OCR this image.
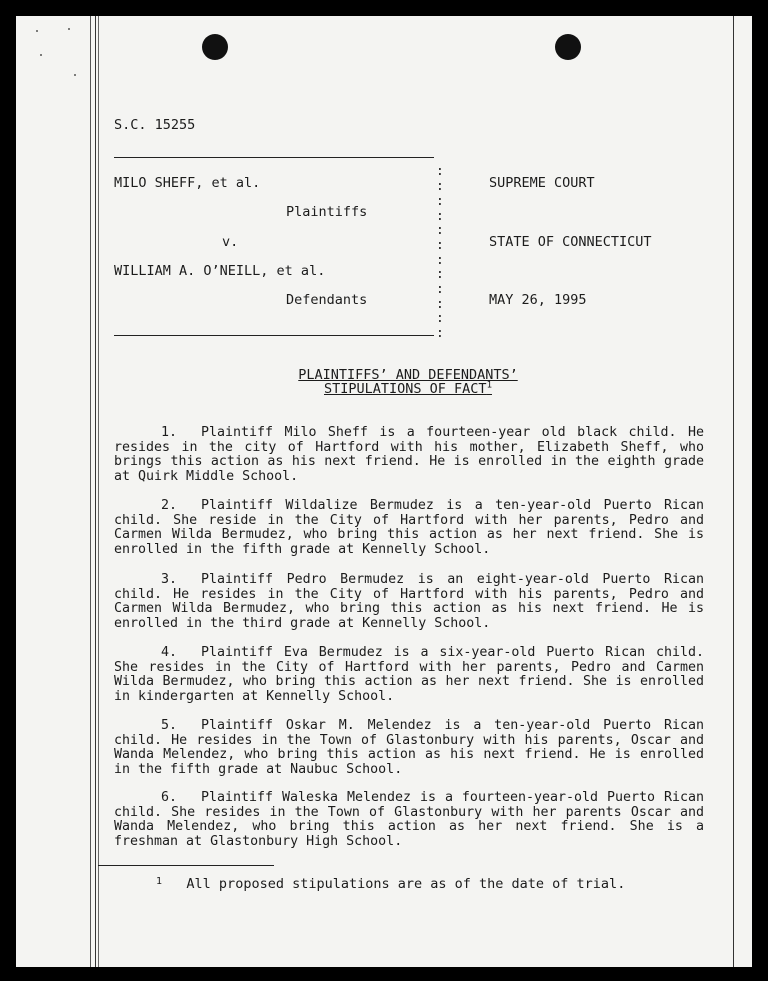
S.C. 15255
MILO SHEFF, et al.
Plaintiffs
v.
WILLIAM A. O’NEILL, et al.
Defendants
:
:
:
:
:
:
:
:
:
:
:
:
SUPREME COURT
STATE OF CONNECTICUT
MAY 26, 1995
PLAINTIFFS’ AND DEFENDANTS’
STIPULATIONS OF FACT$^1$
1. Plaintiff Milo Sheff is a fourteen-year old black child. He resides in the city of Hartford with his mother, Elizabeth Sheff, who brings this action as his next friend. He is enrolled in the eighth grade at Quirk Middle School.
2. Plaintiff Wildalize Bermudez is a ten-year-old Puerto Rican child. She reside in the City of Hartford with her parents, Pedro and Carmen Wilda Bermudez, who bring this action as her next friend. She is enrolled in the fifth grade at Kennelly School.
3. Plaintiff Pedro Bermudez is an eight-year-old Puerto Rican child. He resides in the City of Hartford with his parents, Pedro and Carmen Wilda Bermudez, who bring this action as his next friend. He is enrolled in the third grade at Kennelly School.
4. Plaintiff Eva Bermudez is a six-year-old Puerto Rican child. She resides in the City of Hartford with her parents, Pedro and Carmen Wilda Bermudez, who bring this action as her next friend. She is enrolled in kindergarten at Kennelly School.
5. Plaintiff Oskar M. Melendez is a ten-year-old Puerto Rican child. He resides in the Town of Glastonbury with his parents, Oscar and Wanda Melendez, who bring this action as his next friend. He is enrolled in the fifth grade at Naubuc School.
6. Plaintiff Waleska Melendez is a fourteen-year-old Puerto Rican child. She resides in the Town of Glastonbury with her parents Oscar and Wanda Melendez, who bring this action as her next friend. She is a freshman at Glastonbury High School.
$^1$ All proposed stipulations are as of the date of trial.
